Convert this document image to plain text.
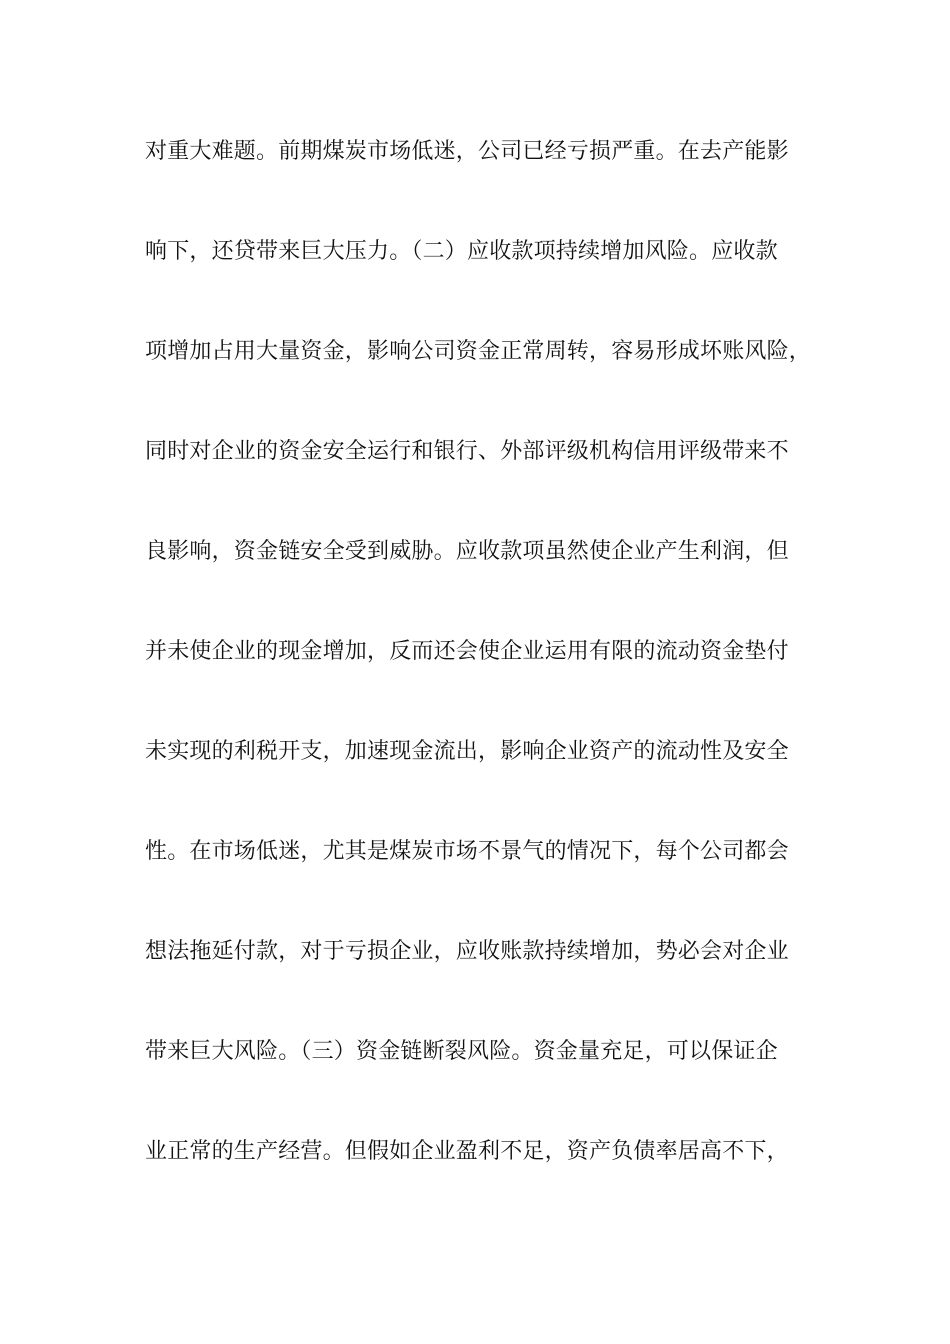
对重大难题。前期煤炭市场低迷，公司已经亏损严重。在去产能影
响下，还贷带来巨大压力。（二）应收款项持续增加风险。应收款
项增加占用大量资金，影响公司资金正常周转，容易形成坏账风险，
同时对企业的资金安全运行和银行、外部评级机构信用评级带来不
良影响，资金链安全受到威胁。应收款项虽然使企业产生利润，但
并未使企业的现金增加，反而还会使企业运用有限的流动资金垫付
未实现的利税开支，加速现金流出，影响企业资产的流动性及安全
性。在市场低迷，尤其是煤炭市场不景气的情况下，每个公司都会
想法拖延付款，对于亏损企业，应收账款持续增加，势必会对企业
带来巨大风险。（三）资金链断裂风险。资金量充足，可以保证企
业正常的生产经营。但假如企业盈利不足，资产负债率居高不下，
